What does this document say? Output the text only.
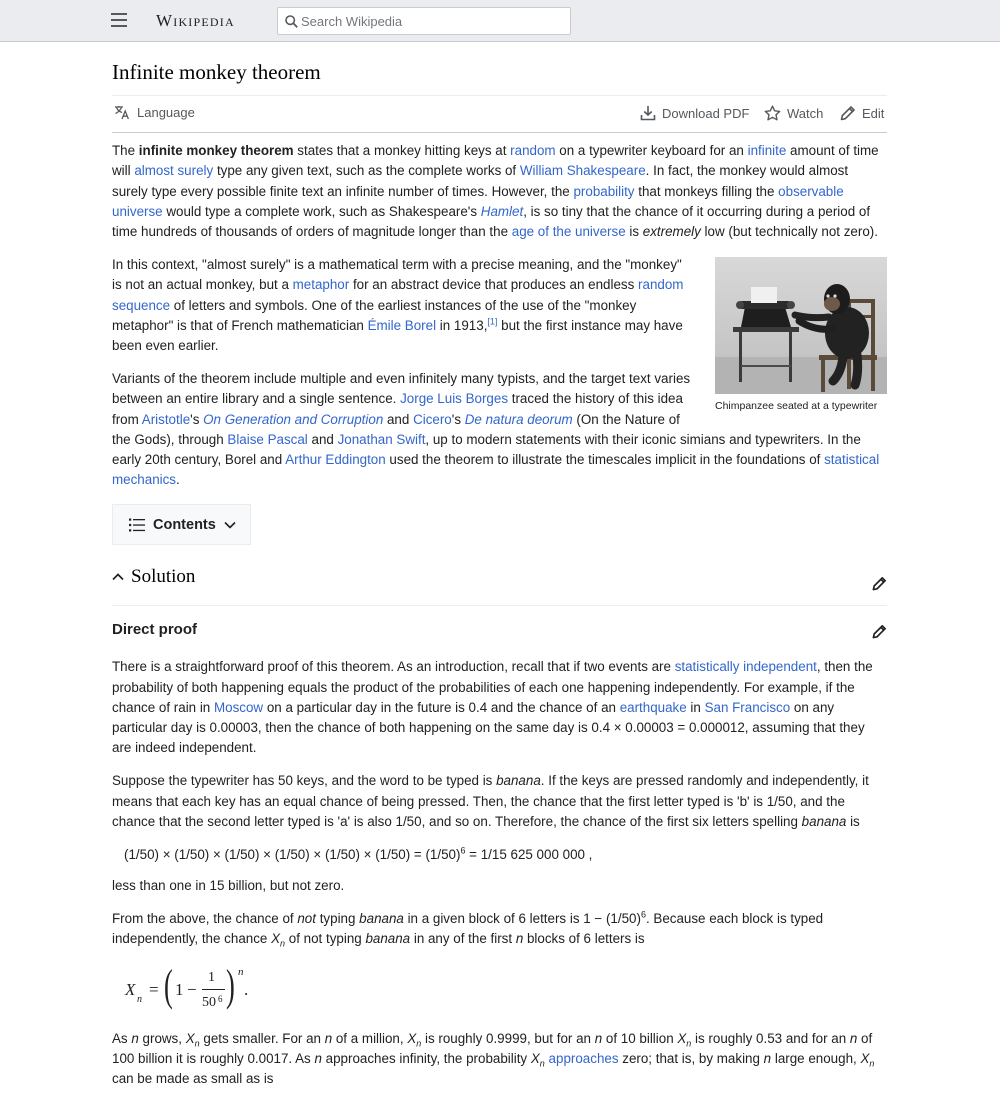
Wikipedia
Search Wikipedia
Infinite monkey theorem
Language	Download PDF	Watch	Edit

The infinite monkey theorem states that a monkey hitting keys at random on a typewriter keyboard for an infinite amount of time will almost surely type any given text, such as the complete works of William Shakespeare. In fact, the monkey would almost surely type every possible finite text an infinite number of times. However, the probability that monkeys filling the observable universe would type a complete work, such as Shakespeare's Hamlet, is so tiny that the chance of it occurring during a period of time hundreds of thousands of orders of magnitude longer than the age of the universe is extremely low (but technically not zero).

Chimpanzee seated at a typewriter

In this context, "almost surely" is a mathematical term with a precise meaning, and the "monkey" is not an actual monkey, but a metaphor for an abstract device that produces an endless random sequence of letters and symbols. One of the earliest instances of the use of the "monkey metaphor" is that of French mathematician Émile Borel in 1913,[1] but the first instance may have been even earlier.

Variants of the theorem include multiple and even infinitely many typists, and the target text varies between an entire library and a single sentence. Jorge Luis Borges traced the history of this idea from Aristotle's On Generation and Corruption and Cicero's De natura deorum (On the Nature of the Gods), through Blaise Pascal and Jonathan Swift, up to modern statements with their iconic simians and typewriters. In the early 20th century, Borel and Arthur Eddington used the theorem to illustrate the timescales implicit in the foundations of statistical mechanics.

Contents
Solution
Direct proof

There is a straightforward proof of this theorem. As an introduction, recall that if two events are statistically independent, then the probability of both happening equals the product of the probabilities of each one happening independently. For example, if the chance of rain in Moscow on a particular day in the future is 0.4 and the chance of an earthquake in San Francisco on any particular day is 0.00003, then the chance of both happening on the same day is 0.4 × 0.00003 = 0.000012, assuming that they are indeed independent.

Suppose the typewriter has 50 keys, and the word to be typed is banana. If the keys are pressed randomly and independently, it means that each key has an equal chance of being pressed. Then, the chance that the first letter typed is 'b' is 1/50, and the chance that the second letter typed is 'a' is also 1/50, and so on. Therefore, the chance of the first six letters spelling banana is

$(1/50) \times (1/50) \times (1/50) \times (1/50) \times (1/50) \times (1/50) = (1/50)^6 = 1/15$ 625 000 000 ,

less than one in 15 billion, but not zero.

From the above, the chance of not typing banana in a given block of 6 letters is $1 - (1/50)^6$. Because each block is typed independently, the chance $X_n$ of not typing banana in any of the first n blocks of 6 letters is

X
n
= ( 1 −
1
50 6 ) n
.

As n grows, $X_n$ gets smaller. For an n of a million, $X_n$ is roughly 0.9999, but for an n of 10 billion $X_n$ is roughly 0.53 and for an n of 100 billion it is roughly 0.0017. As n approaches infinity, the probability $X_n$ approaches zero; that is, by making n large enough, $X_n$ can be made as small as is
